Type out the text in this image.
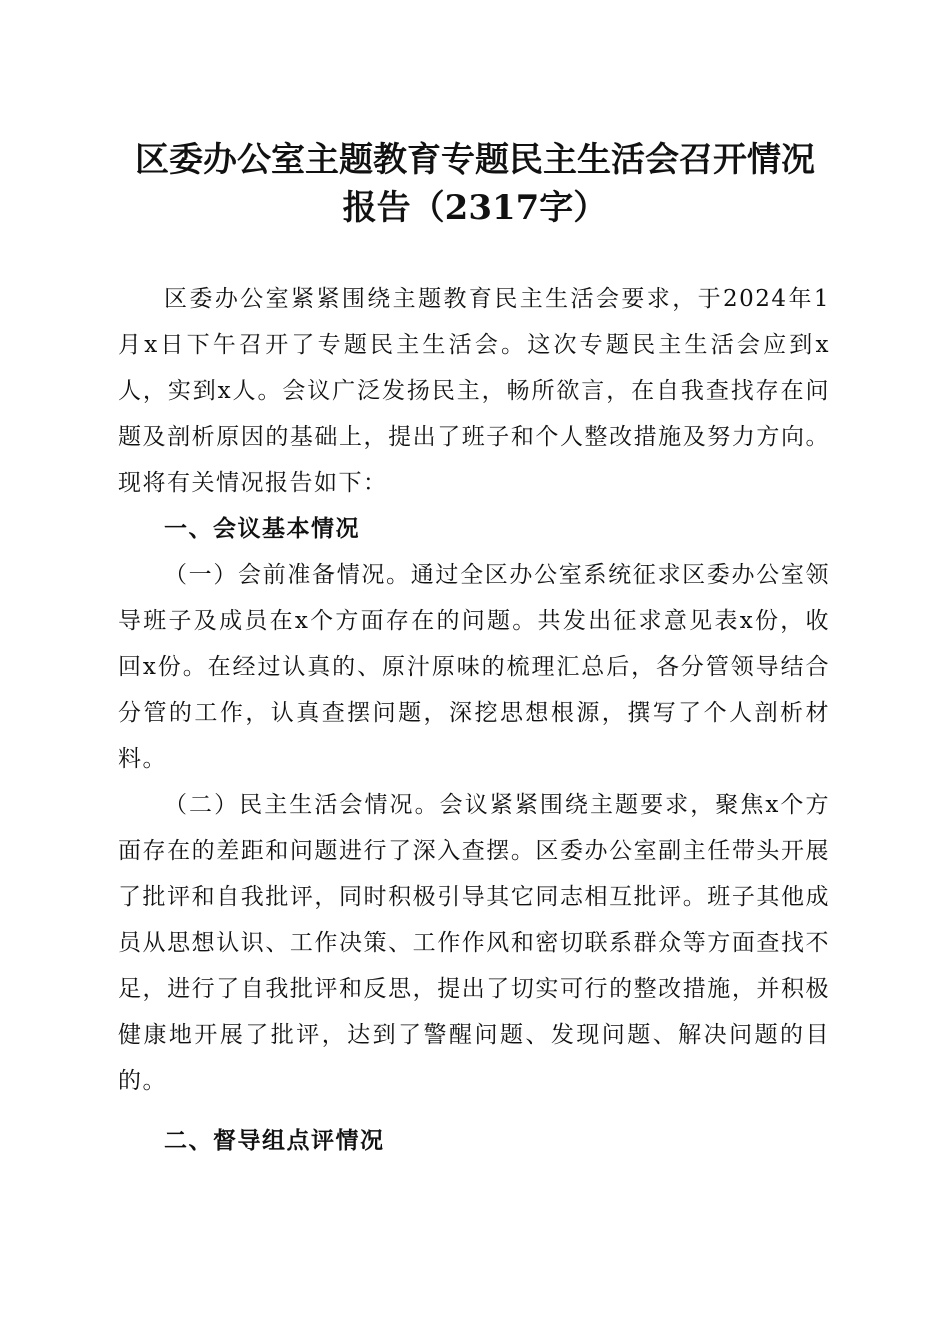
区委办公室主题教育专题民主生活会召开情况
报告（2317字）

区委办公室紧紧围绕主题教育民主生活会要求，于2024年1月x日下午召开了专题民主生活会。这次专题民主生活会应到x人，实到x人。会议广泛发扬民主，畅所欲言，在自我查找存在问题及剖析原因的基础上，提出了班子和个人整改措施及努力方向。现将有关情况报告如下：

一、会议基本情况

（一）会前准备情况。通过全区办公室系统征求区委办公室领导班子及成员在x个方面存在的问题。共发出征求意见表x份，收回x份。在经过认真的、原汁原味的梳理汇总后，各分管领导结合分管的工作，认真查摆问题，深挖思想根源，撰写了个人剖析材料。

（二）民主生活会情况。会议紧紧围绕主题要求，聚焦x个方面存在的差距和问题进行了深入查摆。区委办公室副主任带头开展了批评和自我批评，同时积极引导其它同志相互批评。班子其他成员从思想认识、工作决策、工作作风和密切联系群众等方面查找不足，进行了自我批评和反思，提出了切实可行的整改措施，并积极健康地开展了批评，达到了警醒问题、发现问题、解决问题的目的。

二、督导组点评情况
